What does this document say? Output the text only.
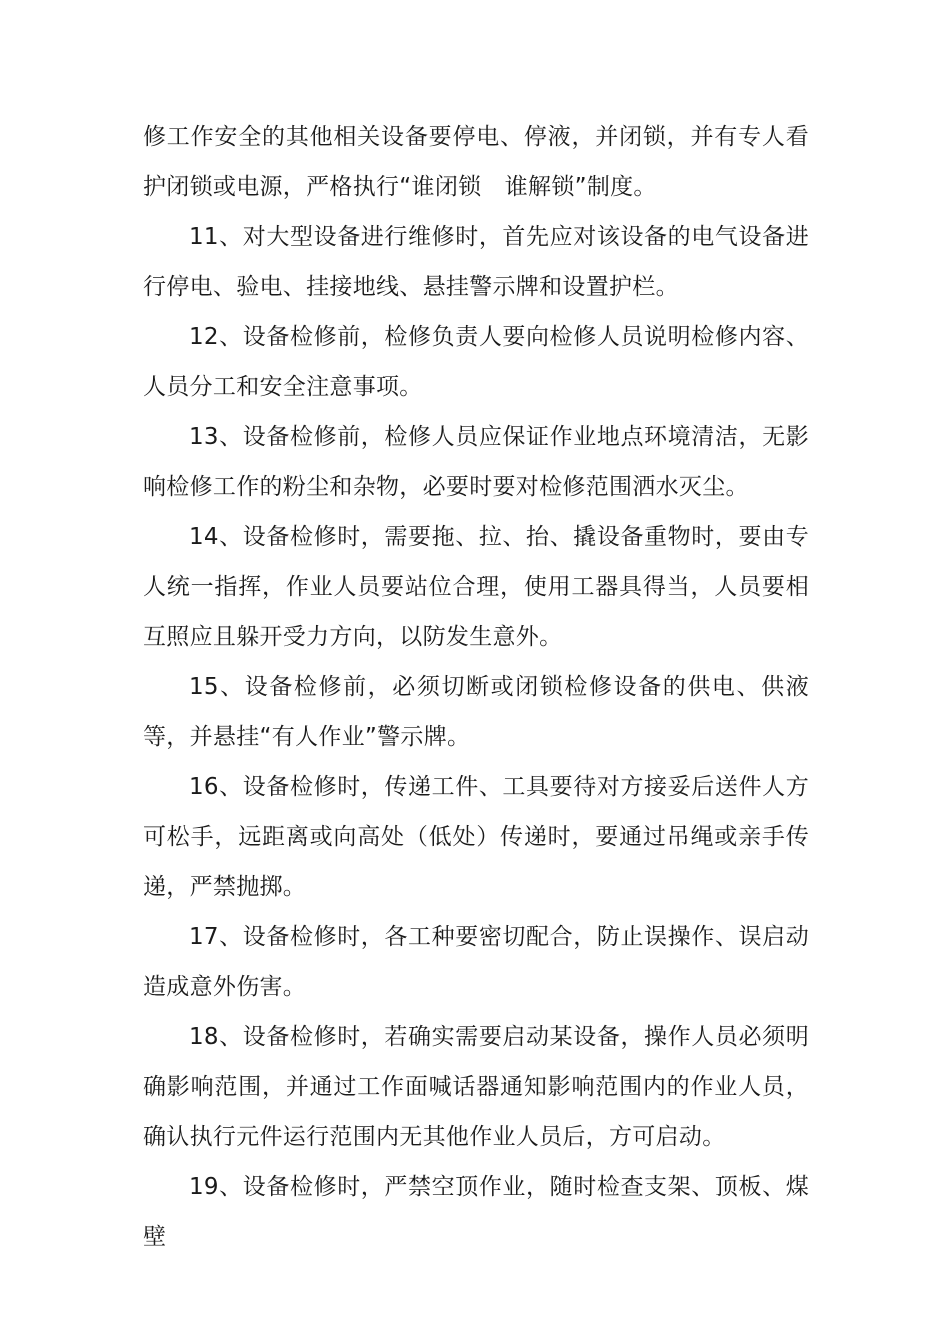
修工作安全的其他相关设备要停电、停液，并闭锁，并有专人看护闭锁或电源，严格执行“谁闭锁　谁解锁”制度。

11、对大型设备进行维修时，首先应对该设备的电气设备进行停电、验电、挂接地线、悬挂警示牌和设置护栏。

12、设备检修前，检修负责人要向检修人员说明检修内容、人员分工和安全注意事项。

13、设备检修前，检修人员应保证作业地点环境清洁，无影响检修工作的粉尘和杂物，必要时要对检修范围洒水灭尘。

14、设备检修时，需要拖、拉、抬、撬设备重物时，要由专人统一指挥，作业人员要站位合理，使用工器具得当，人员要相互照应且躲开受力方向，以防发生意外。

15、设备检修前，必须切断或闭锁检修设备的供电、供液等，并悬挂“有人作业”警示牌。

16、设备检修时，传递工件、工具要待对方接妥后送件人方可松手，远距离或向高处（低处）传递时，要通过吊绳或亲手传递，严禁抛掷。

17、设备检修时，各工种要密切配合，防止误操作、误启动造成意外伤害。

18、设备检修时，若确实需要启动某设备，操作人员必须明确影响范围，并通过工作面喊话器通知影响范围内的作业人员，确认执行元件运行范围内无其他作业人员后，方可启动。

19、设备检修时，严禁空顶作业，随时检查支架、顶板、煤壁
